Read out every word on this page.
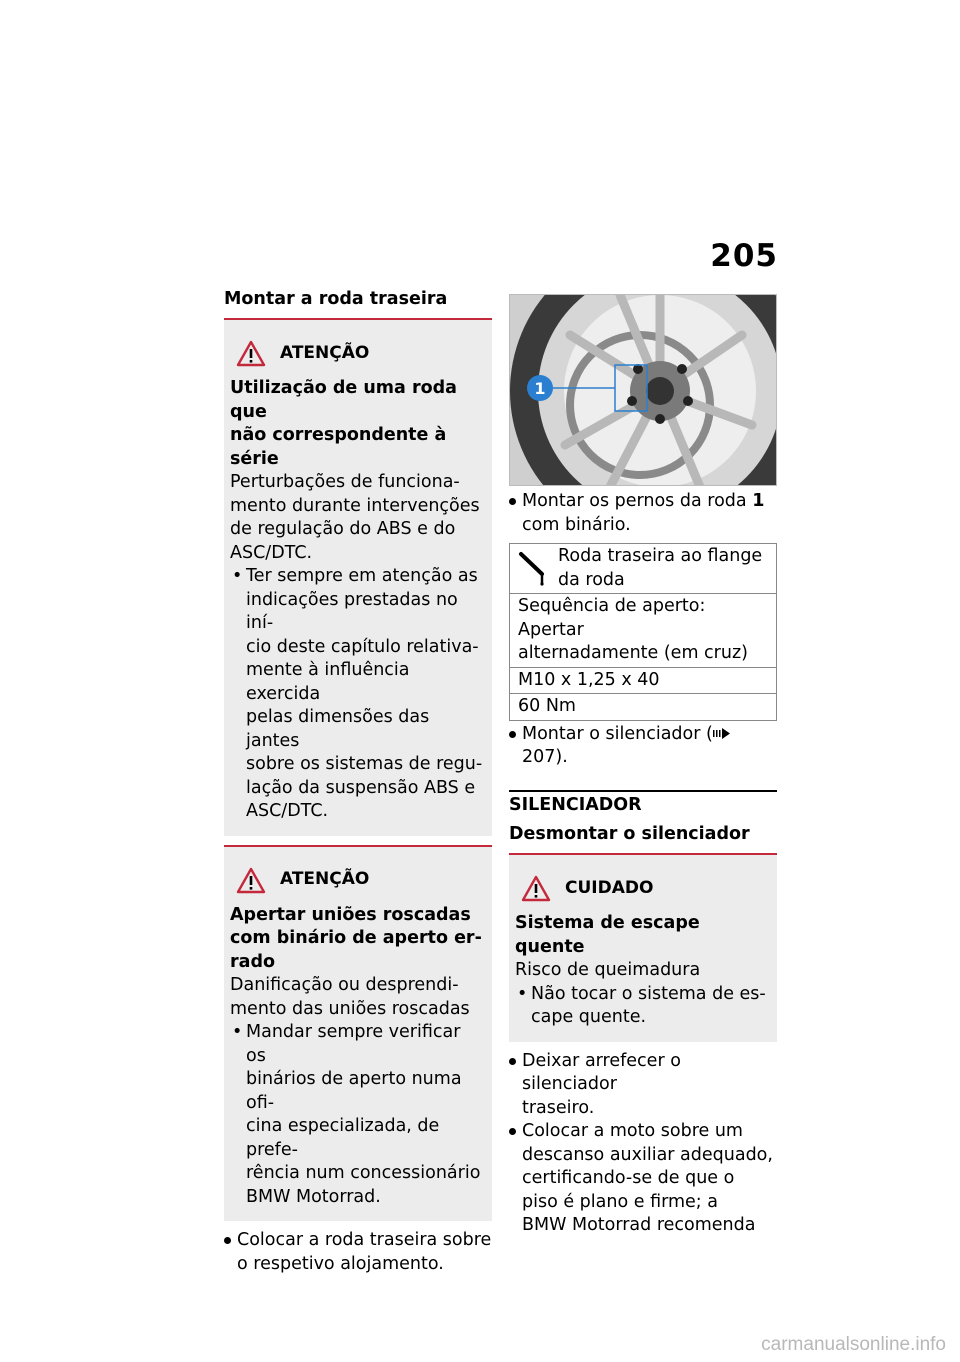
205
Montar a roda traseira
ATENÇÃO
Utilização de uma roda que
não correspondente à série
Perturbações de funciona-
mento durante intervenções
de regulação do ABS e do
ASC/DTC.
• Ter sempre em atenção as
indicações prestadas no iní-
cio deste capítulo relativa-
mente à influência exercida
pelas dimensões das jantes
sobre os sistemas de regu-
lação da suspensão ABS e
ASC/DTC.
ATENÇÃO
Apertar uniões roscadas
com binário de aperto er-
rado
Danificação ou desprendi-
mento das uniões roscadas
• Mandar sempre verificar os
binários de aperto numa ofi-
cina especializada, de prefe-
rência num concessionário
BMW Motorrad.
Colocar a roda traseira sobre
o respetivo alojamento.
1
Montar os pernos da roda 1
com binário.
Roda traseira ao flange
da roda

Sequência de aperto: Apertar
alternadamente (em cruz)

M10 x 1,25 x 40
60 Nm
Montar o silenciador ( 207).
SILENCIADOR
Desmontar o silenciador
CUIDADO
Sistema de escape quente
Risco de queimadura
• Não tocar o sistema de es-
cape quente.
Deixar arrefecer o silenciador
traseiro.
Colocar a moto sobre um
descanso auxiliar adequado,
certificando-se de que o
piso é plano e firme; a
BMW Motorrad recomenda
carmanualsonline.info
